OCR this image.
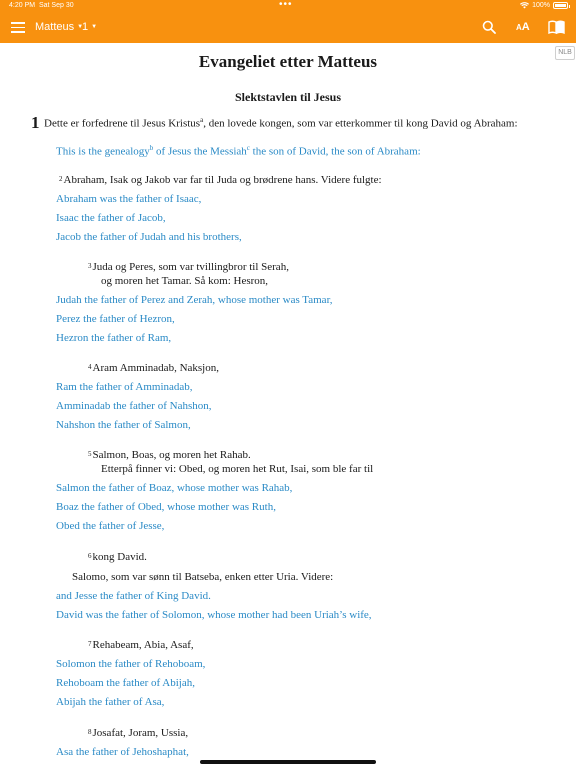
4:20 PM Sat Sep 30	•••	100%
Matteus ▼
1 ▼	AA
NLB
Evangeliet etter Matteus
Slektstavlen til Jesus
1 Dette er forfedrene til Jesus Kristus$^a$, den lovede kongen, som var etterkommer til kong David og Abraham:
This is the genealogy$^b$ of Jesus the Messiah$^c$ the son of David, the son of Abraham:
2Abraham, Isak og Jakob var far til Juda og brødrene hans. Videre fulgte:
Abraham was the father of Isaac,
Isaac the father of Jacob,
Jacob the father of Judah and his brothers,
3Juda og Peres, som var tvillingbror til Serah,
og moren het Tamar. Så kom: Hesron,
Judah the father of Perez and Zerah, whose mother was Tamar,
Perez the father of Hezron,
Hezron the father of Ram,
4Aram Amminadab, Naksjon,
Ram the father of Amminadab,
Amminadab the father of Nahshon,
Nahshon the father of Salmon,
5Salmon, Boas, og moren het Rahab.
Etterpå finner vi: Obed, og moren het Rut, Isai, som ble far til
Salmon the father of Boaz, whose mother was Rahab,
Boaz the father of Obed, whose mother was Ruth,
Obed the father of Jesse,
6kong David.
Salomo, som var sønn til Batseba, enken etter Uria. Videre:
and Jesse the father of King David.
David was the father of Solomon, whose mother had been Uriah’s wife,
7Rehabeam, Abia, Asaf,
Solomon the father of Rehoboam,
Rehoboam the father of Abijah,
Abijah the father of Asa,
8Josafat, Joram, Ussia,
Asa the father of Jehoshaphat,
